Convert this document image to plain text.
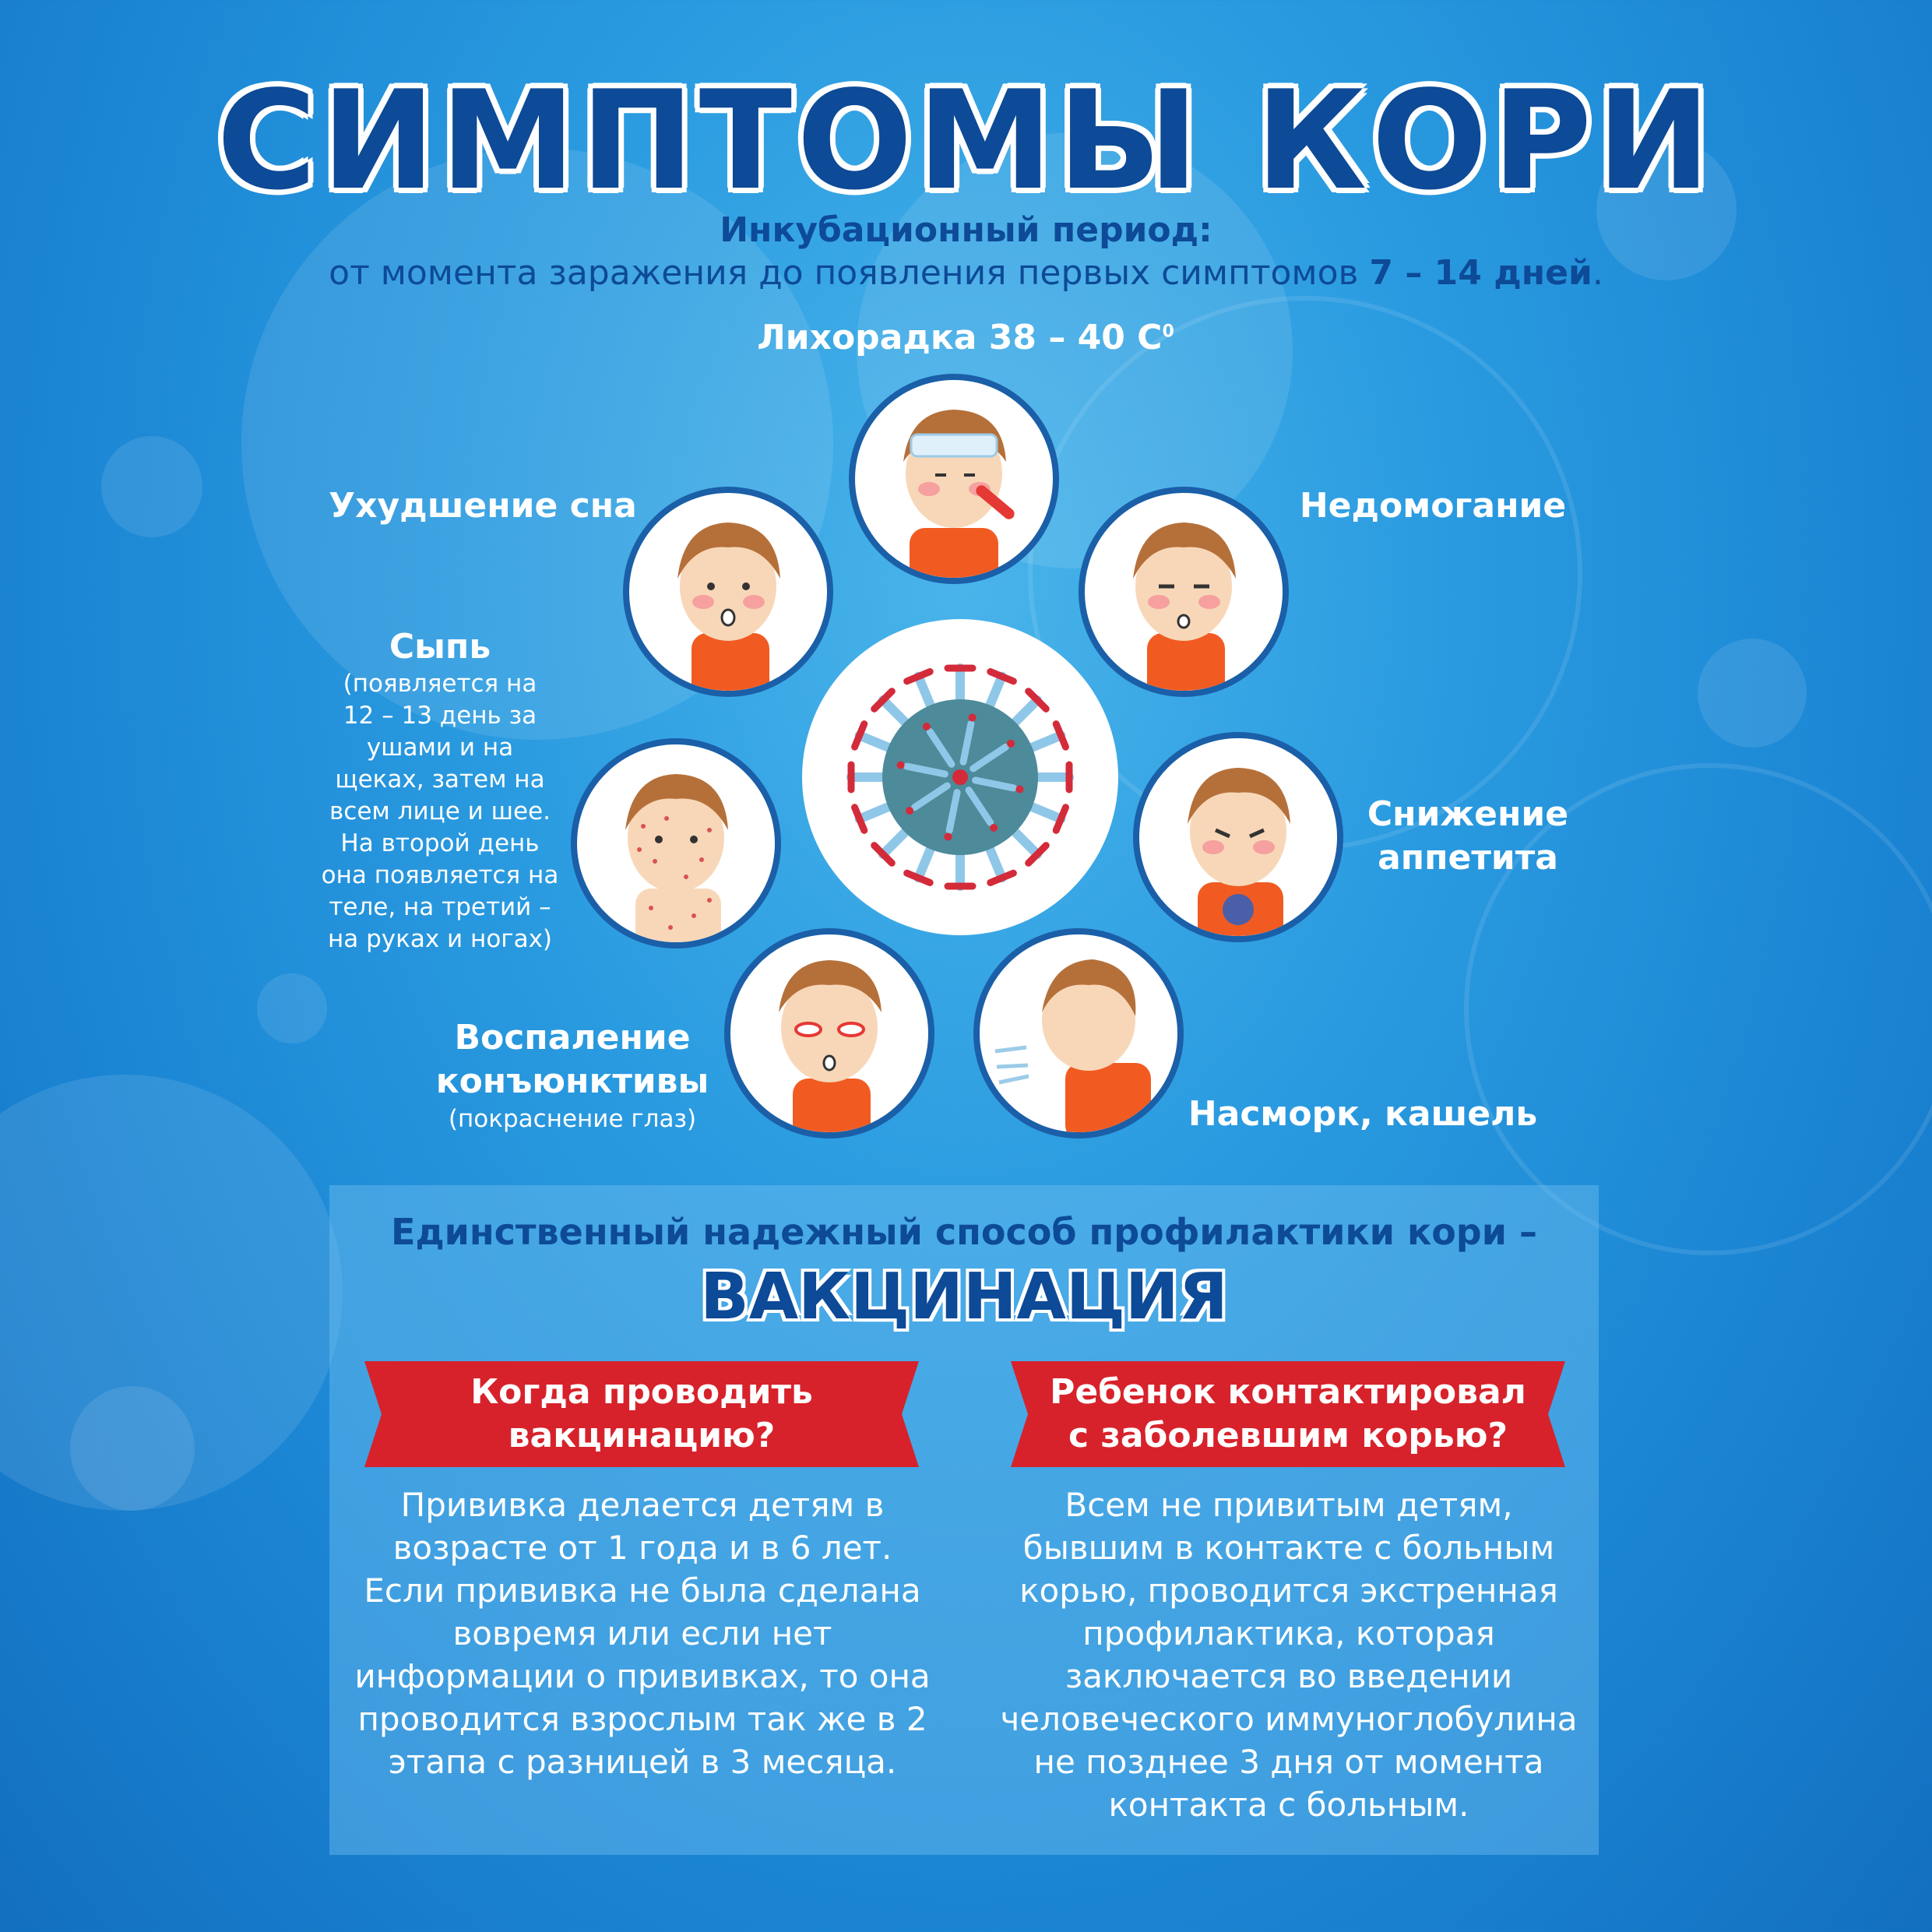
СИМПТОМЫ КОРИ
Инкубационный период:
от момента заражения до появления первых симптомов 7 – 14 дней.
Лихорадка 38 – 40 $С^0$
Ухудшение сна	Недомогание
Сыпь
(появляется на
12 – 13 день за
ушами и на
щеках, затем на
всем лице и шее.
На второй день
она появляется на
теле, на третий –
на руках и ногах)
Снижение
аппетита
Воспаление
конъюнктивы
(покраснение глаз)	Насморк, кашель
Единственный надежный способ профилактики кори –
ВАКЦИНАЦИЯ
Когда проводить
вакцинацию?
Ребенок контактировал
с заболевшим корью?
Прививка делается детям в
возрасте от 1 года и в 6 лет.
Если прививка не была сделана
вовремя или если нет
информации о прививках, то она
проводится взрослым так же в 2
этапа с разницей в 3 месяца.
Всем не привитым детям,
бывшим в контакте с больным
корью, проводится экстренная
профилактика, которая
заключается во введении
человеческого иммуноглобулина
не позднее 3 дня от момента
контакта с больным.
